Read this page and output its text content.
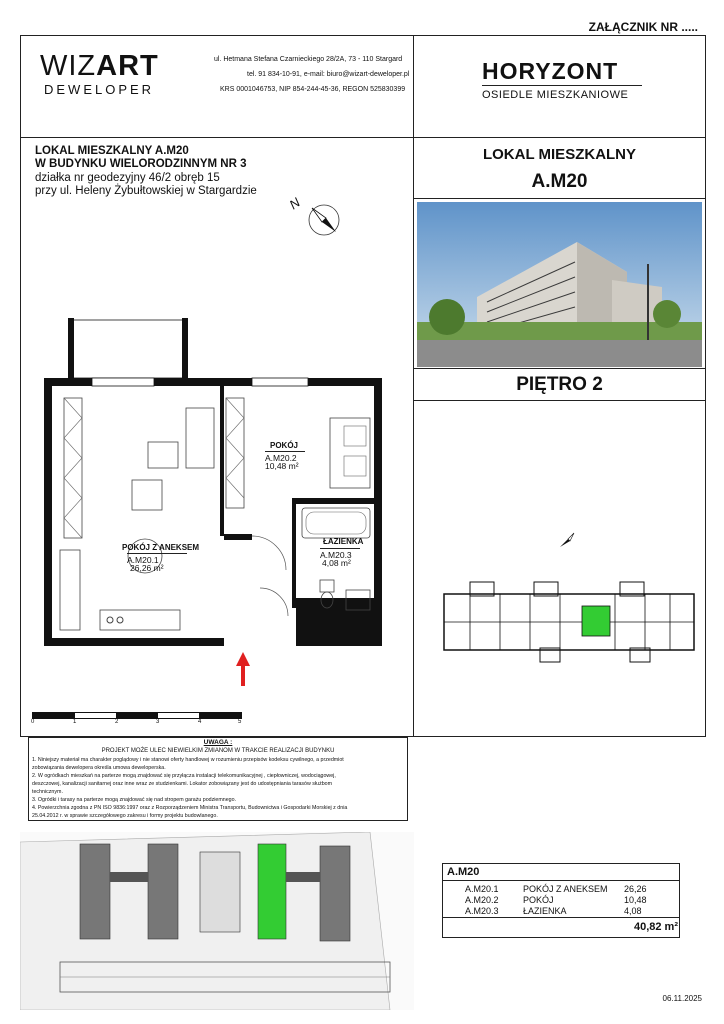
ZAŁĄCZNIK NR .....
WIZART
DEWELOPER
ul. Hetmana Stefana Czarnieckiego 28/2A, 73 - 110 Stargard
tel. 91 834-10-91, e-mail: biuro@wizart-deweloper.pl
KRS 0001046753, NIP 854-244-45-36, REGON 525830399
HORYZONT
OSIEDLE MIESZKANIOWE
LOKAL MIESZKALNY A.M20
W BUDYNKU WIELORODZINNYM NR 3
działka nr geodezyjny 46/2 obręb 15
przy ul. Heleny Żybułtowskiej w Stargardzie
N
POKÓJ
A.M20.2
10,48 m²
POKÓJ Z ANEKSEM
A.M20.1
26,26 m²
ŁAZIENKA
A.M20.3
4,08 m²
0	1	2	3	4	5
UWAGA :
PROJEKT MOŻE ULEC NIEWIELKIM ZMIANOM W TRAKCIE REALIZACJI BUDYNKU
1. Niniejszy materiał ma charakter poglądowy i nie stanowi oferty handlowej w rozumieniu przepisów kodeksu cywilnego, a przedmiot
zobowiązania dewelopera określa umowa deweloperska.
2. W ogródkach mieszkań na parterze mogą znajdować się przyłącza instalacji telekomunikacyjnej , ciepłowniczej, wodociągowej,
deszczowej, kanalizacji sanitarnej oraz inne wraz ze studzienkami. Lokator zobowiązany jest do udostępniania tarasów służbom
technicznym.
3. Ogródki i tarasy na parterze mogą znajdować się nad stropem garażu podziemnego.
4. Powierzchnia zgodna z PN ISO 9836:1997 oraz z Rozporządzeniem Ministra Transportu, Budownictwa i Gospodarki Morskiej z dnia
25.04.2012 r. w sprawie szczegółowego zakresu i formy projektu budowlanego.
LOKAL MIESZKALNY
A.M20
PIĘTRO 2
A.M20
A.M20.1	POKÓJ Z ANEKSEM 26,26
A.M20.2	POKÓJ	10,48
A.M20.3	ŁAZIENKA	4,08
40,82 m²
06.11.2025
